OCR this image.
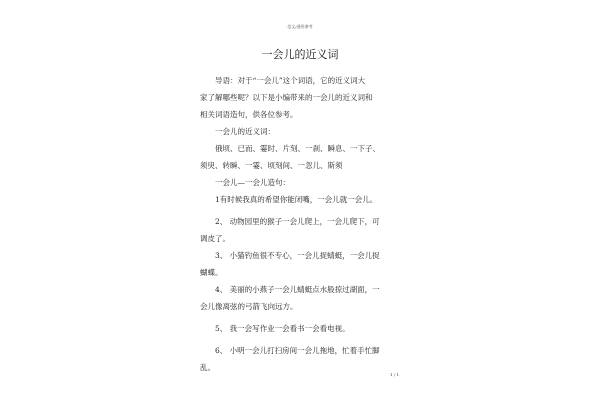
范文/通用参考
一会儿的近义词

导语：对于“一会儿”这个词语，它的近义词大

家了解哪些呢？以下是小编带来的一会儿的近义词和

相关词语造句，供各位参考。

一会儿的近义词：

俄顷、已而、霎时、片刻、一刹、瞬息、一下子、

须臾、转瞬、一霎、顷刻间、一忽儿、斯须

一会儿—一会儿造句：

1有时候我真的希望你能闭嘴，一会儿就一会儿。
2、 动物园里的猴子一会儿爬上，一会儿爬下，可

调皮了。

3、 小猫钓鱼很不专心，一会儿捉蜻蜓，一会儿捉

蝴蝶。

4、 美丽的小燕子一会儿蜻蜓点水般掠过湖面，一

会儿像离弦的弓箭飞向远方。

5、 我一会写作业一会看书一会看电视。
6、 小明一会儿打扫房间一会儿拖地，忙着手忙脚

乱。

1 / 1
